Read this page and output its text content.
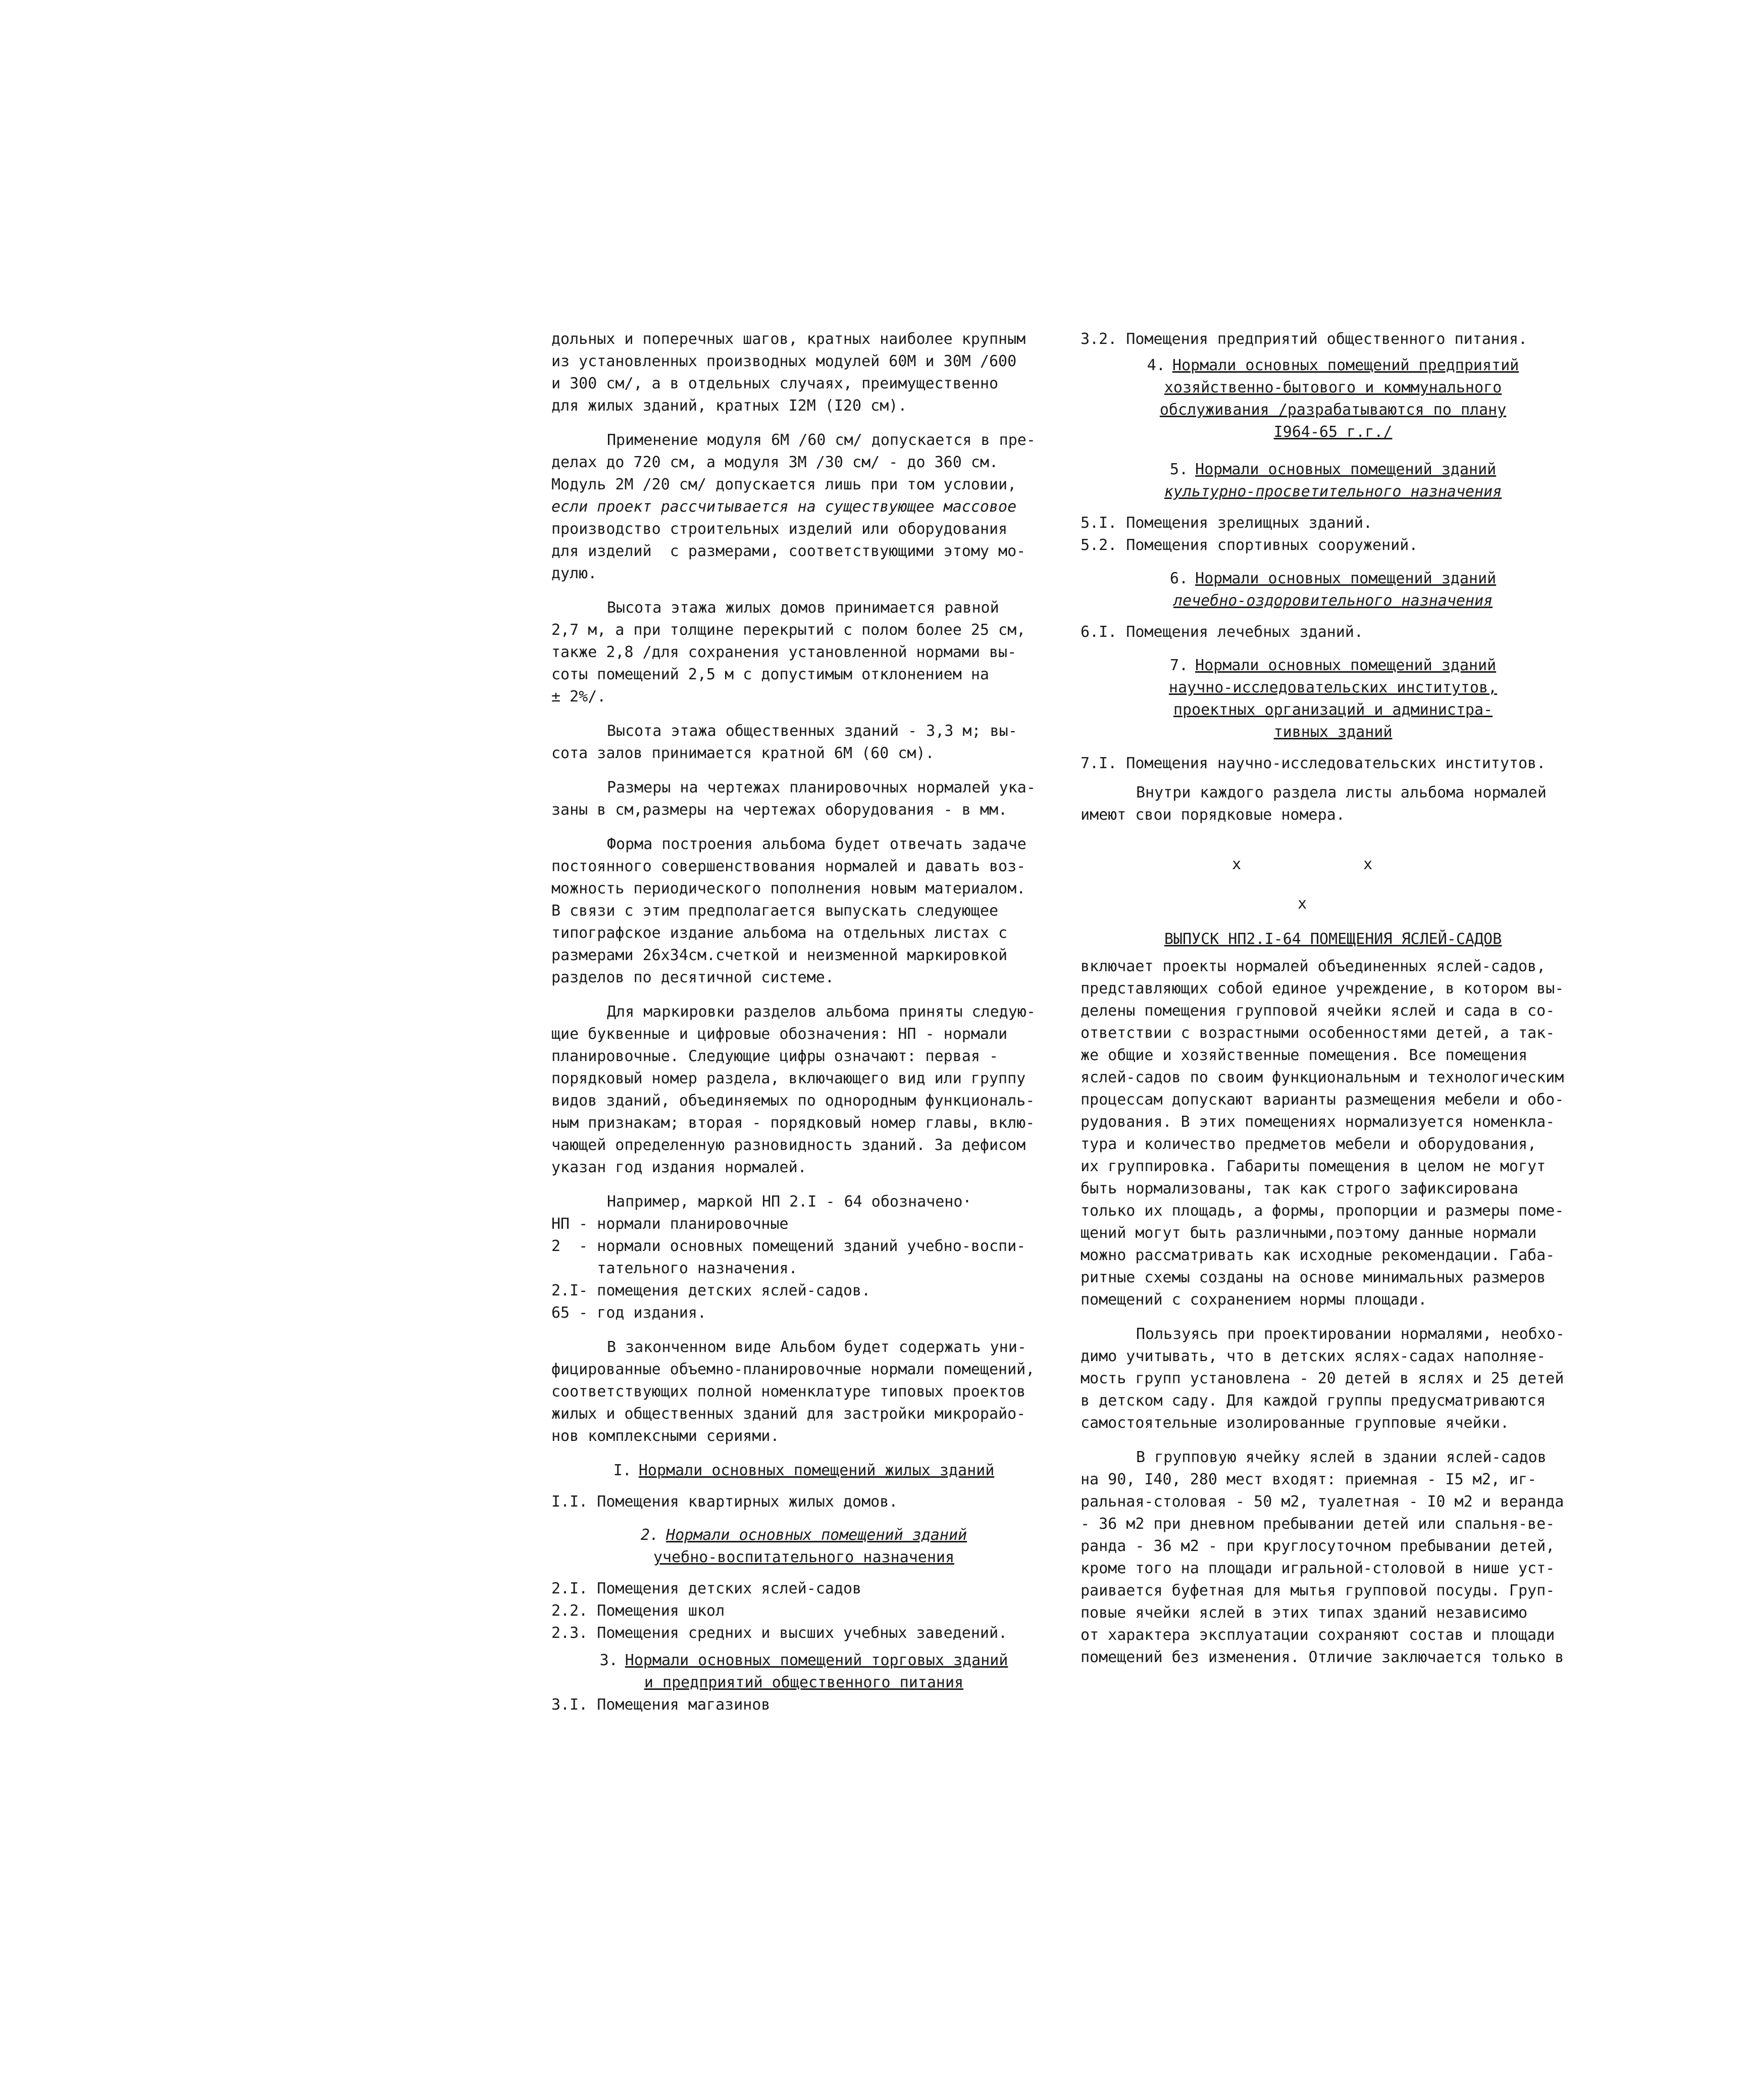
дольных и поперечных шагов, кратных наиболее крупным
из установленных производных модулей 60М и 30М /600
и 300 см/, а в отдельных случаях, преимущественно
для жилых зданий, кратных I2М (I20 см).

Применение модуля 6М /60 см/ допускается в пре-
делах до 720 см, а модуля 3М /30 см/ - до 360 см.
Модуль 2М /20 см/ допускается лишь при том условии,
если проект рассчитывается на существующее массовое
производство строительных изделий или оборудования
для изделий  с размерами, соответствующими этому мо-
дулю.

Высота этажа жилых домов принимается равной
2,7 м, а при толщине перекрытий с полом более 25 см,
также 2,8 /для сохранения установленной нормами вы-
соты помещений 2,5 м с допустимым отклонением на
± 2%/.

Высота этажа общественных зданий - 3,3 м; вы-
сота залов принимается кратной 6М (60 см).

Размеры на чертежах планировочных нормалей ука-
заны в см,размеры на чертежах оборудования - в мм.

Форма построения альбома будет отвечать задаче
постоянного совершенствования нормалей и давать воз-
можность периодического пополнения новым материалом.
В связи с этим предполагается выпускать следующее
типографское издание альбома на отдельных листах с
размерами 26х34см.счеткой и неизменной маркировкой
разделов по десятичной системе.

Для маркировки разделов альбома приняты следую-
щие буквенные и цифровые обозначения: НП - нормали
планировочные. Следующие цифры означают: первая -
порядковый номер раздела, включающего вид или группу
видов зданий, объединяемых по однородным функциональ-
ным признакам; вторая - порядковый номер главы, вклю-
чающей определенную разновидность зданий. За дефисом
указан год издания нормалей.

Например, маркой НП 2.I - 64 обозначено·
НП - нормали планировочные
2  - нормали основных помещений зданий учебно-воспи-
тательного назначения.
2.I- помещения детских яслей-садов.
65 - год издания.

В законченном виде Альбом будет содержать уни-
фицированные объемно-планировочные нормали помещений,
соответствующих полной номенклатуре типовых проектов
жилых и общественных зданий для застройки микрорайо-
нов комплексными сериями.

I. Нормали основных помещений жилых зданий
I.I. Помещения квартирных жилых домов.
2. Нормали основных помещений зданий
учебно-воспитательного назначения
2.I. Помещения детских яслей-садов
2.2. Помещения школ
2.3. Помещения средних и высших учебных заведений.
3. Нормали основных помещений торговых зданий
и предприятий общественного питания
3.I. Помещения магазинов
3.2. Помещения предприятий общественного питания.
4. Нормали основных помещений предприятий
хозяйственно-бытового и коммунального
обслуживания /разрабатываются по плану
I964-65 г.г./
5. Нормали основных помещений зданий
культурно-просветительного назначения
5.I. Помещения зрелищных зданий.
5.2. Помещения спортивных сооружений.
6. Нормали основных помещений зданий
лечебно-оздоровительного назначения
6.I. Помещения лечебных зданий.
7. Нормали основных помещений зданий
научно-исследовательских институтов,
проектных организаций и администра-
тивных зданий
7.I. Помещения научно-исследовательских институтов.

Внутри каждого раздела листы альбома нормалей
имеют свои порядковые номера.

x	x
x
ВЫПУСК НП2.I-64 ПОМЕЩЕНИЯ ЯСЛЕЙ-САДОВ

включает проекты нормалей объединенных яслей-садов,
представляющих собой единое учреждение, в котором вы-
делены помещения групповой ячейки яслей и сада в со-
ответствии с возрастными особенностями детей, а так-
же общие и хозяйственные помещения. Все помещения
яслей-садов по своим функциональным и технологическим
процессам допускают варианты размещения мебели и обо-
рудования. В этих помещениях нормализуется номенкла-
тура и количество предметов мебели и оборудования,
их группировка. Габариты помещения в целом не могут
быть нормализованы, так как строго зафиксирована
только их площадь, а формы, пропорции и размеры поме-
щений могут быть различными,поэтому данные нормали
можно рассматривать как исходные рекомендации. Габа-
ритные схемы созданы на основе минимальных размеров
помещений с сохранением нормы площади.

Пользуясь при проектировании нормалями, необхо-
димо учитывать, что в детских яслях-садах наполняе-
мость групп установлена - 20 детей в яслях и 25 детей
в детском саду. Для каждой группы предусматриваются
самостоятельные изолированные групповые ячейки.

В групповую ячейку яслей в здании яслей-садов
на 90, I40, 280 мест входят: приемная - I5 м2, иг-
ральная-столовая - 50 м2, туалетная - I0 м2 и веранда
- 36 м2 при дневном пребывании детей или спальня-ве-
ранда - 36 м2 - при круглосуточном пребывании детей,
кроме того на площади игральной-столовой в нише уст-
раивается буфетная для мытья групповой посуды. Груп-
повые ячейки яслей в этих типах зданий независимо
от характера эксплуатации сохраняют состав и площади
помещений без изменения. Отличие заключается только в
